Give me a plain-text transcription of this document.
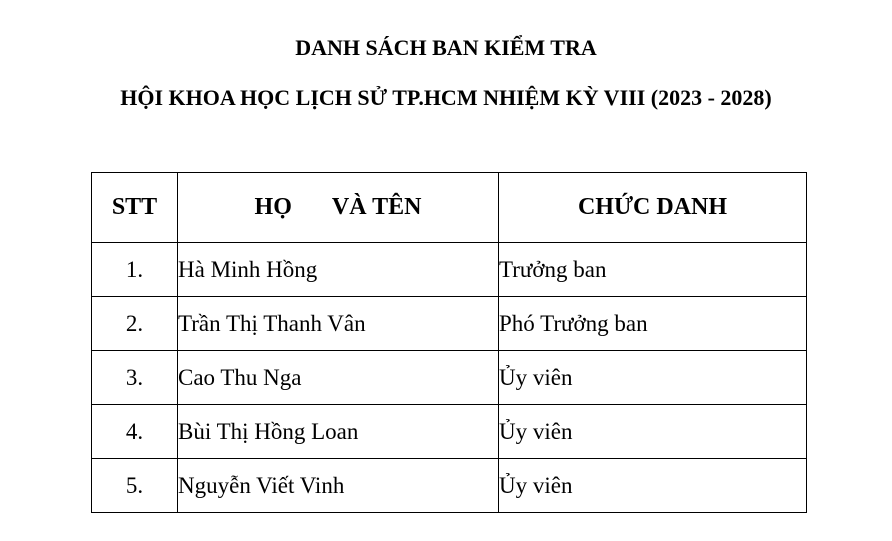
DANH SÁCH BAN KIỂM TRA
HỘI KHOA HỌC LỊCH SỬ TP.HCM NHIỆM KỲ VIII (2023 - 2028)
STT	HỌ VÀ TÊN	CHỨC DANH
1.	Hà Minh Hồng	Trưởng ban
2.	Trần Thị Thanh Vân	Phó Trưởng ban
3.	Cao Thu Nga	Ủy viên
4.	Bùi Thị Hồng Loan	Ủy viên
5.	Nguyễn Viết Vinh	Ủy viên
